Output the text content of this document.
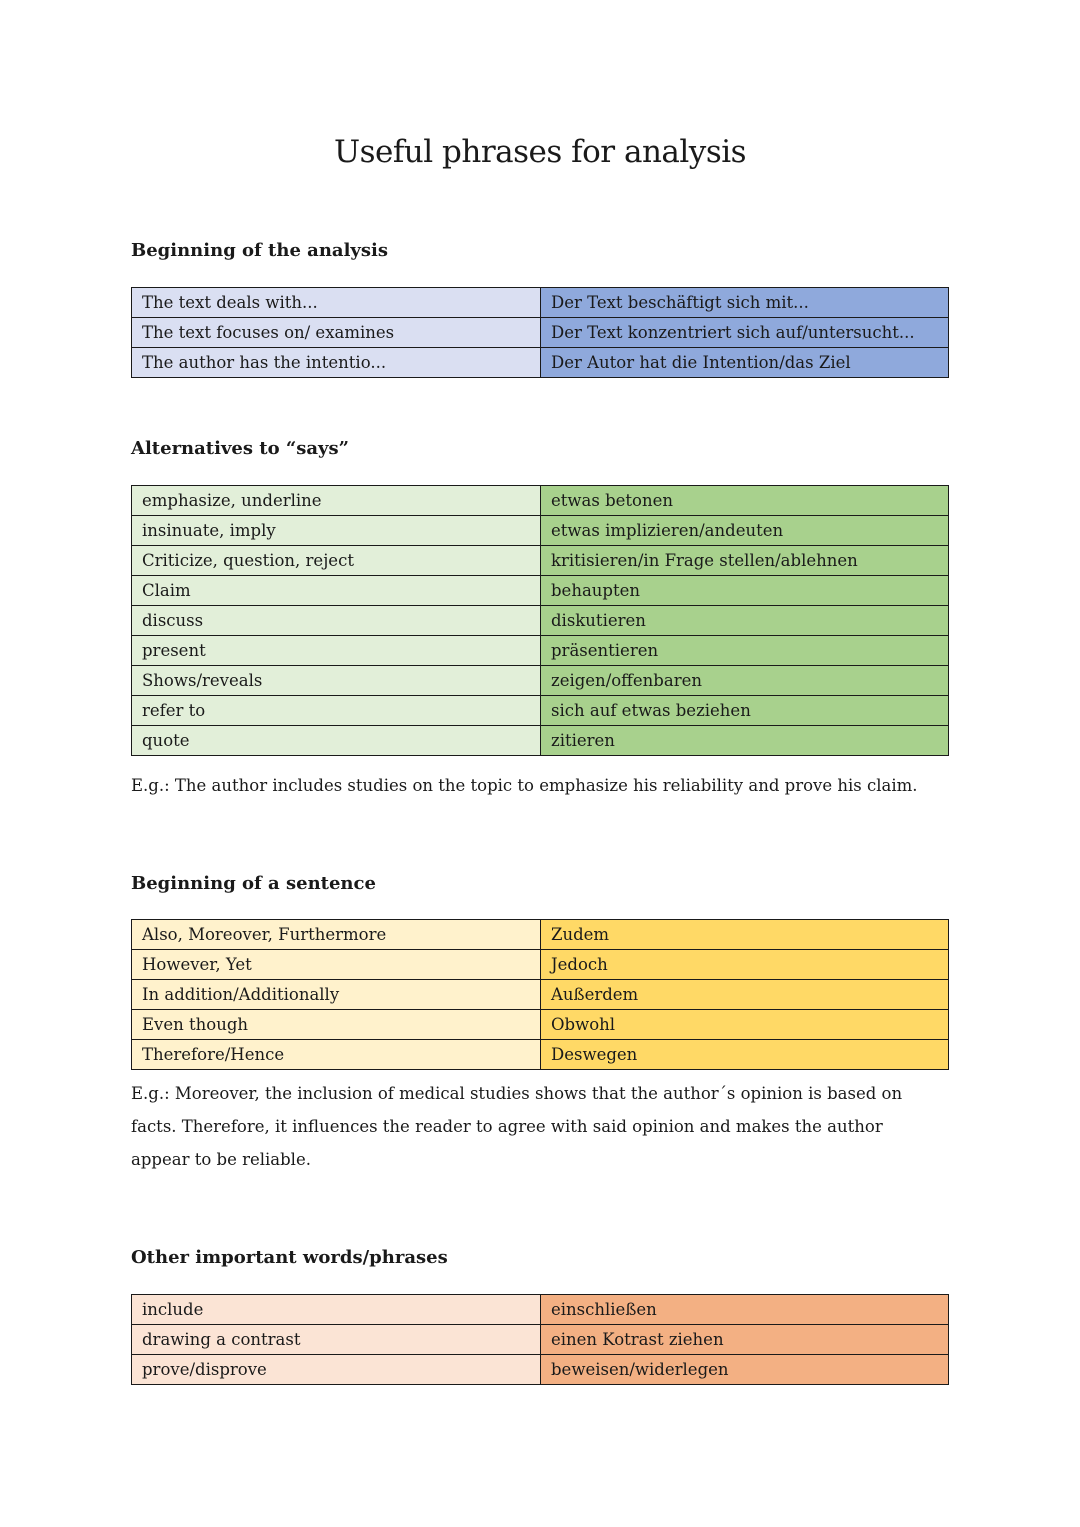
Useful phrases for analysis
Beginning of the analysis
The text deals with...	Der Text beschäftigt sich mit...
The text focuses on/ examines	Der Text konzentriert sich auf/untersucht...
The author has the intentio...	Der Autor hat die Intention/das Ziel
Alternatives to “says”
emphasize, underline	etwas betonen
insinuate, imply	etwas implizieren/andeuten
Criticize, question, reject	kritisieren/in Frage stellen/ablehnen
Claim	behaupten
discuss	diskutieren
present	präsentieren
Shows/reveals	zeigen/offenbaren
refer to	sich auf etwas beziehen
quote	zitieren
E.g.: The author includes studies on the topic to emphasize his reliability and prove his claim.
Beginning of a sentence
Also, Moreover, Furthermore	Zudem
However, Yet	Jedoch
In addition/Additionally	Außerdem
Even though	Obwohl
Therefore/Hence	Deswegen
E.g.: Moreover, the inclusion of medical studies shows that the author´s opinion is based on facts. Therefore, it influences the reader to agree with said opinion and makes the author appear to be reliable.
Other important words/phrases
include	einschließen
drawing a contrast	einen Kotrast ziehen
prove/disprove	beweisen/widerlegen
